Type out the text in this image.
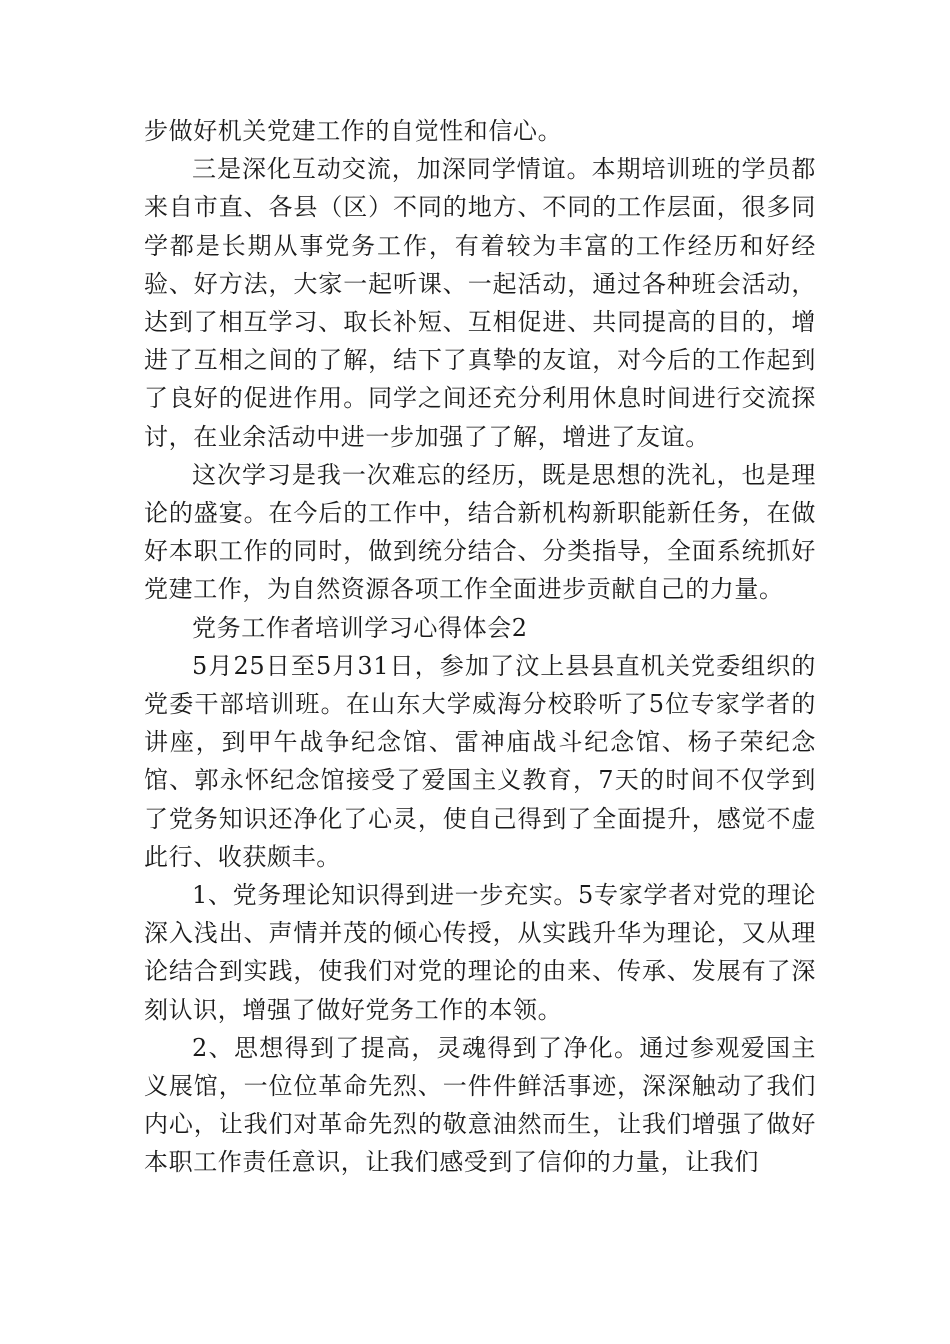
步做好机关党建工作的自觉性和信心。

三是深化互动交流，加深同学情谊。本期培训班的学员都来自市直、各县（区）不同的地方、不同的工作层面，很多同学都是长期从事党务工作，有着较为丰富的工作经历和好经验、好方法，大家一起听课、一起活动，通过各种班会活动，达到了相互学习、取长补短、互相促进、共同提高的目的，增进了互相之间的了解，结下了真挚的友谊，对今后的工作起到了良好的促进作用。同学之间还充分利用休息时间进行交流探讨，在业余活动中进一步加强了了解，增进了友谊。

这次学习是我一次难忘的经历，既是思想的洗礼，也是理论的盛宴。在今后的工作中，结合新机构新职能新任务，在做好本职工作的同时，做到统分结合、分类指导，全面系统抓好党建工作，为自然资源各项工作全面进步贡献自己的力量。

党务工作者培训学习心得体会2

5月25日至5月31日，参加了汶上县县直机关党委组织的党委干部培训班。在山东大学威海分校聆听了5位专家学者的讲座，到甲午战争纪念馆、雷神庙战斗纪念馆、杨子荣纪念馆、郭永怀纪念馆接受了爱国主义教育，7天的时间不仅学到了党务知识还净化了心灵，使自己得到了全面提升，感觉不虚此行、收获颇丰。

1、党务理论知识得到进一步充实。5专家学者对党的理论深入浅出、声情并茂的倾心传授，从实践升华为理论，又从理论结合到实践，使我们对党的理论的由来、传承、发展有了深刻认识，增强了做好党务工作的本领。

2、思想得到了提高，灵魂得到了净化。通过参观爱国主义展馆，一位位革命先烈、一件件鲜活事迹，深深触动了我们内心，让我们对革命先烈的敬意油然而生，让我们增强了做好本职工作责任意识，让我们感受到了信仰的力量，让我们
